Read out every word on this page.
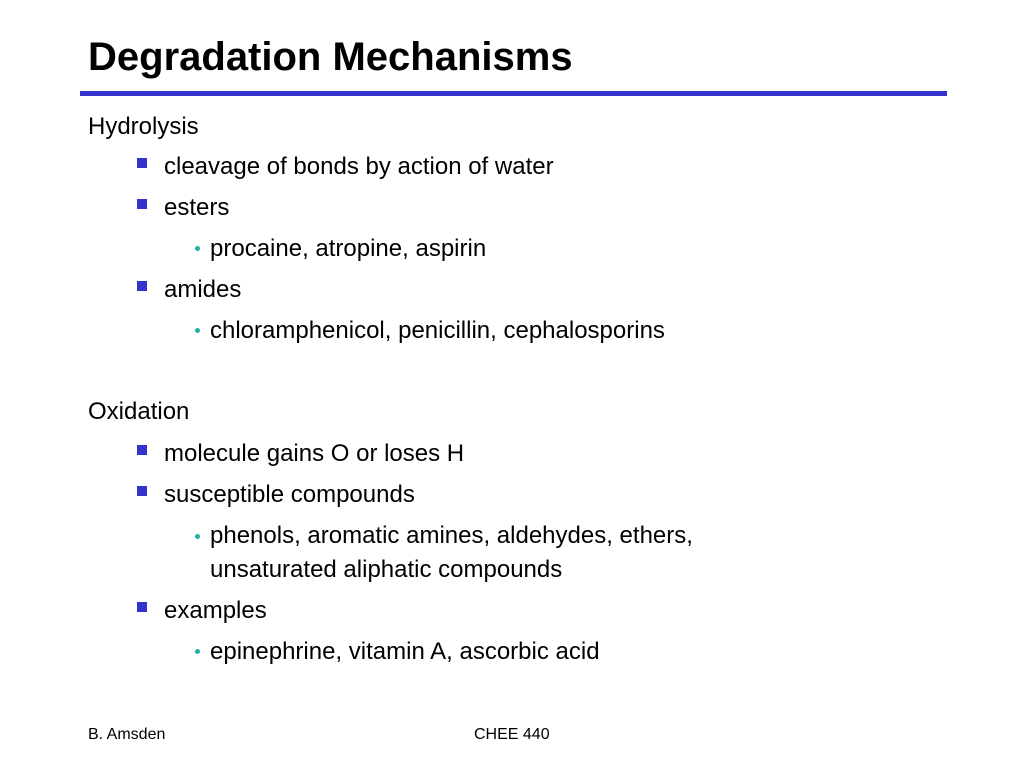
Degradation Mechanisms
Hydrolysis
cleavage of bonds by action of water
esters
procaine, atropine, aspirin
amides
chloramphenicol, penicillin, cephalosporins
Oxidation
molecule gains O or loses H
susceptible compounds
phenols, aromatic amines, aldehydes, ethers,
unsaturated aliphatic compounds
examples
epinephrine, vitamin A, ascorbic acid
B. Amsden	CHEE 440
